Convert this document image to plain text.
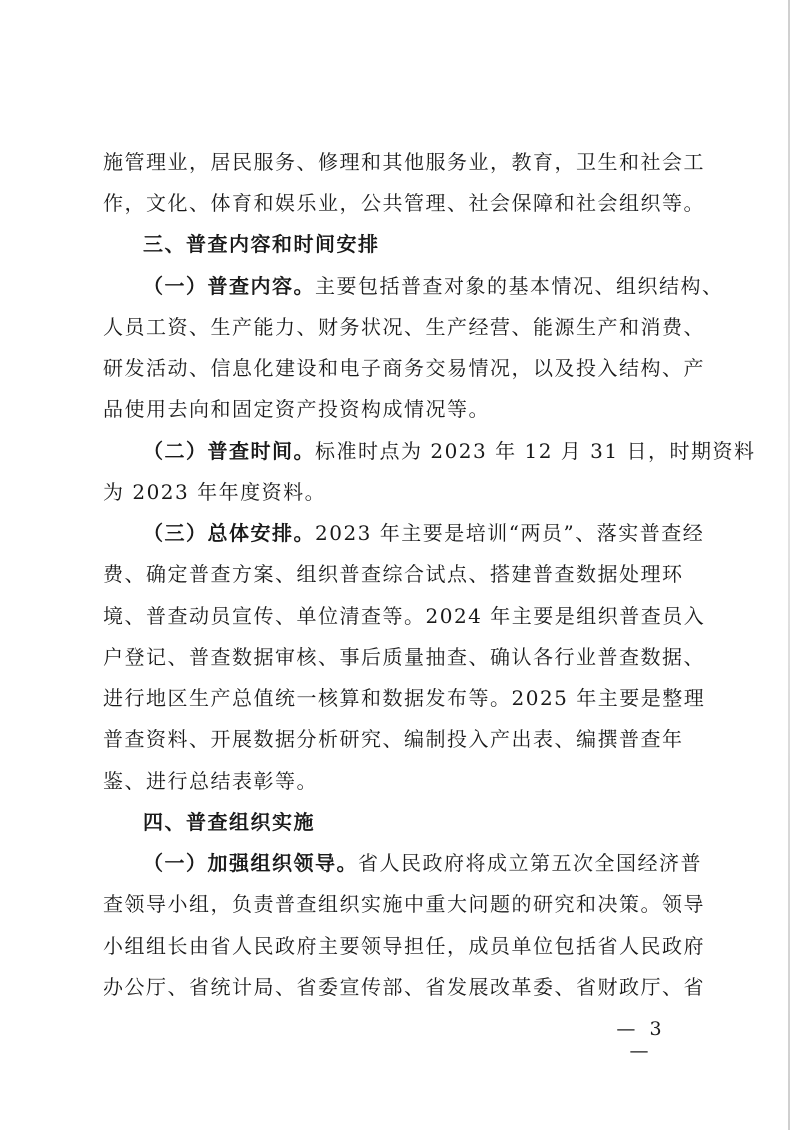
施管理业，居民服务、修理和其他服务业，教育，卫生和社会工
作，文化、体育和娱乐业，公共管理、社会保障和社会组织等。
三、普查内容和时间安排
（一）普查内容。主要包括普查对象的基本情况、组织结构、
人员工资、生产能力、财务状况、生产经营、能源生产和消费、
研发活动、信息化建设和电子商务交易情况，以及投入结构、产
品使用去向和固定资产投资构成情况等。
（二）普查时间。标准时点为 2023 年 12 月 31 日，时期资料
为 2023 年年度资料。
（三）总体安排。2023 年主要是培训“两员”、落实普查经
费、确定普查方案、组织普查综合试点、搭建普查数据处理环
境、普查动员宣传、单位清查等。2024 年主要是组织普查员入
户登记、普查数据审核、事后质量抽查、确认各行业普查数据、
进行地区生产总值统一核算和数据发布等。2025 年主要是整理
普查资料、开展数据分析研究、编制投入产出表、编撰普查年
鉴、进行总结表彰等。
四、普查组织实施
（一）加强组织领导。省人民政府将成立第五次全国经济普
查领导小组，负责普查组织实施中重大问题的研究和决策。领导
小组组长由省人民政府主要领导担任，成员单位包括省人民政府
办公厅、省统计局、省委宣传部、省发展改革委、省财政厅、省
— 3 —
